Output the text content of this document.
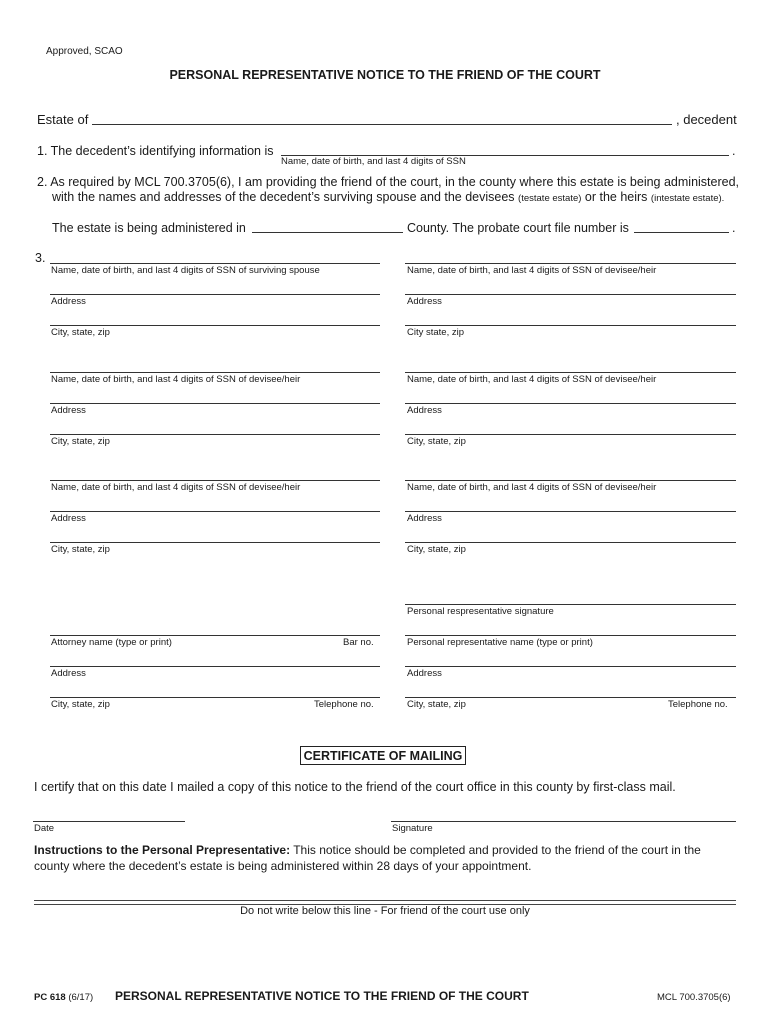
Approved, SCAO
PERSONAL REPRESENTATIVE NOTICE TO THE FRIEND OF THE COURT
Estate of	, decedent
1. The decedent’s identifying information is	.
Name, date of birth, and last 4 digits of SSN
2. As required by MCL 700.3705(6), I am providing the friend of the court, in the county where this estate is being administered,
with the names and addresses of the decedent’s surviving spouse and the devisees (testate estate) or the heirs (intestate estate).
The estate is being administered in	County. The probate court file number is	.
3.
Name, date of birth, and last 4 digits of SSN of surviving spouse
Address
City, state, zip
Name, date of birth, and last 4 digits of SSN of devisee/heir
Address
City state, zip
Name, date of birth, and last 4 digits of SSN of devisee/heir
Address
City, state, zip
Name, date of birth, and last 4 digits of SSN of devisee/heir
Address
City, state, zip
Name, date of birth, and last 4 digits of SSN of devisee/heir
Address
City, state, zip
Name, date of birth, and last 4 digits of SSN of devisee/heir
Address
City, state, zip
Personal respresentative signature
Attorney name (type or print)	Bar no.	Personal representative name (type or print)
Address	Address
City, state, zip	Telephone no.	City, state, zip	Telephone no.
CERTIFICATE OF MAILING
I certify that on this date I mailed a copy of this notice to the friend of the court office in this county by first-class mail.
Date	Signature
Instructions to the Personal Prepresentative: This notice should be completed and provided to the friend of the court in the
county where the decedent’s estate is being administered within 28 days of your appointment.
Do not write below this line - For friend of the court use only
PC 618 (6/17) PERSONAL REPRESENTATIVE NOTICE TO THE FRIEND OF THE COURT	MCL 700.3705(6)
